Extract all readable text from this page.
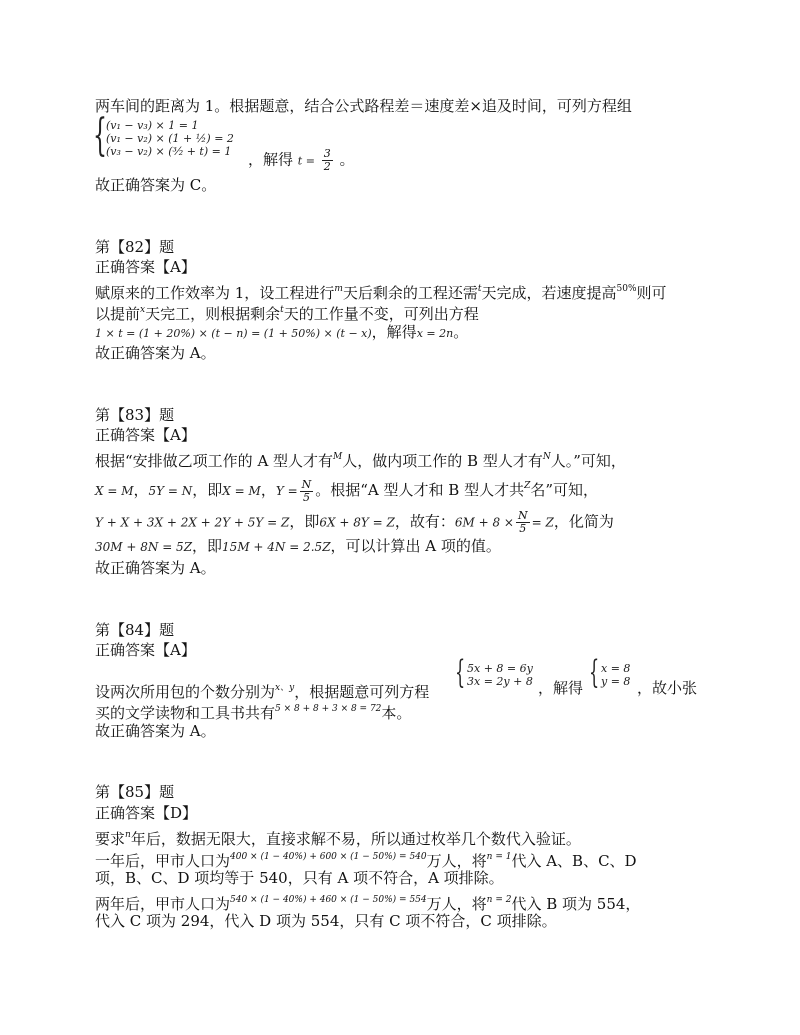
两车间的距离为 1。根据题意，结合公式路程差＝速度差×追及时间，可列方程组
{ (v₁ − v₃) × 1 = 1
(v₁ − v₂) × (1 + ½) = 2
(v₃ − v₂) × (³⁄₂ + t) = 1 ，解得 $t = \frac{3}{2}$ 。
故正确答案为 C。
第【82】题
正确答案【A】
赋原来的工作效率为 1，设工程进行$^m$天后剩余的工程还需$^t$天完成，若速度提高$^{50\%}$则可
以提前$^x$天完工，则根据剩余$^t$天的工作量不变，可列出方程
1 × t = (1 + 20%) × (t − n) = (1 + 50%) × (t − x)，解得x = 2n。
故正确答案为 A。
第【83】题
正确答案【A】
根据“安排做乙项工作的 A 型人才有$^M$人，做内项工作的 B 型人才有$^N$人。”可知，
X = M，5Y = N，即X = M，$Y = \frac{N}{5}$ 。根据“A 型人才和 B 型人才共$^Z$名”可知，
Y + X + 3X + 2X + 2Y + 5Y = Z，即6X + 8Y = Z，故有：$6M + 8 \times \frac{N}{5} = Z$，化简为
30M + 8N = 5Z，即15M + 4N = 2.5Z，可以计算出 A 项的值。
故正确答案为 A。
第【84】题
正确答案【A】
{ 5x + 8 = 6y
3x = 2y + 8 { x = 8
y = 8
设两次所用包的个数分别为$^{x、y}$，根据题意可列方程	，解得	，故小张
买的文学读物和工具书共有$^{5 \times 8 + 8 + 3 \times 8 = 72}$本。
故正确答案为 A。
第【85】题
正确答案【D】
要求$^n$年后，数据无限大，直接求解不易，所以通过枚举几个数代入验证。
一年后，甲市人口为$^{400 \times (1 - 40\%) + 600 \times (1 - 50\%) = 540}$万人，将$^{n = 1}$代入 A、B、C、D
项，B、C、D 项均等于 540，只有 A 项不符合，A 项排除。
两年后，甲市人口为$^{540 \times (1 - 40\%) + 460 \times (1 - 50\%) = 554}$万人，将$^{n = 2}$代入 B 项为 554，
代入 C 项为 294，代入 D 项为 554，只有 C 项不符合，C 项排除。
